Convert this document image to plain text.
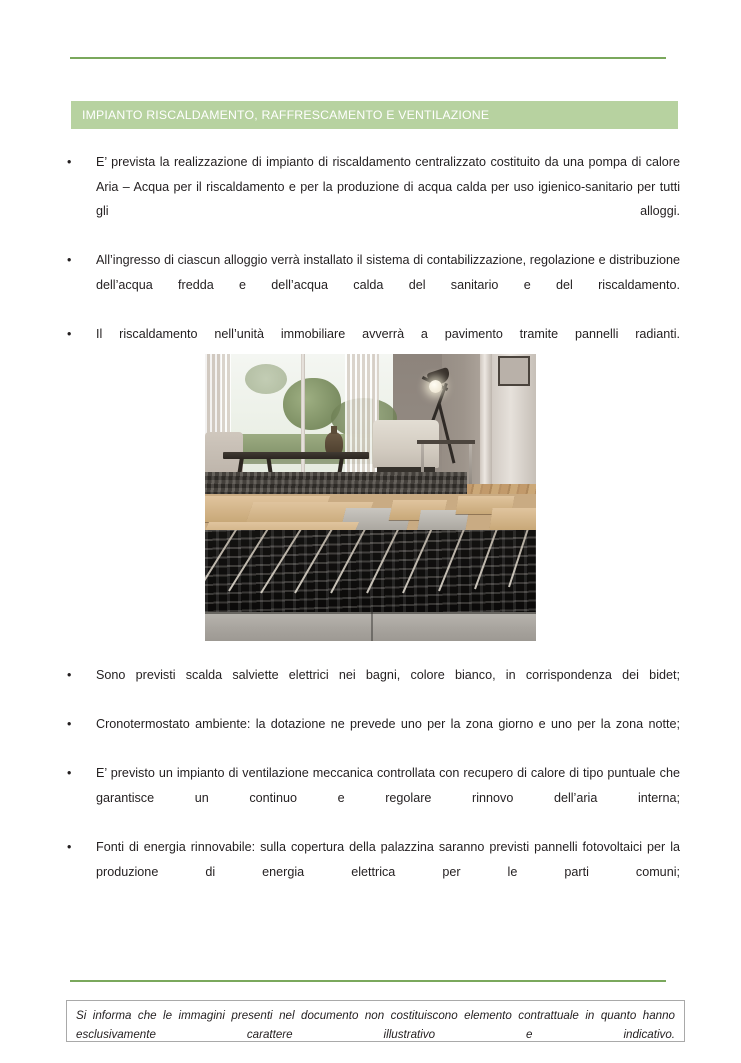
IMPIANTO RISCALDAMENTO, RAFFRESCAMENTO E VENTILAZIONE
•	E’ prevista la realizzazione di impianto di riscaldamento centralizzato costituito da una pompa di calore Aria – Acqua per il riscaldamento e per la produzione di acqua calda per uso igienico-sanitario per tutti gli alloggi.
•	All’ingresso di ciascun alloggio verrà installato il sistema di contabilizzazione, regolazione e distribuzione dell’acqua fredda e dell’acqua calda del sanitario e del riscaldamento.
•	Il riscaldamento nell’unità immobiliare avverrà a pavimento tramite pannelli radianti.
•	Sono previsti scalda salviette elettrici nei bagni, colore bianco, in corrispondenza dei bidet;
•	Cronotermostato ambiente: la dotazione ne prevede uno per la zona giorno e uno per la zona notte;
•	E’ previsto un impianto di ventilazione meccanica controllata con recupero di calore di tipo puntuale che garantisce un continuo e regolare rinnovo dell’aria interna;
•	Fonti di energia rinnovabile: sulla copertura della palazzina saranno previsti pannelli fotovoltaici per la produzione di energia elettrica per le parti comuni;
Si informa che le immagini presenti nel documento non costituiscono elemento contrattuale in quanto hanno esclusivamente carattere illustrativo e indicativo.
